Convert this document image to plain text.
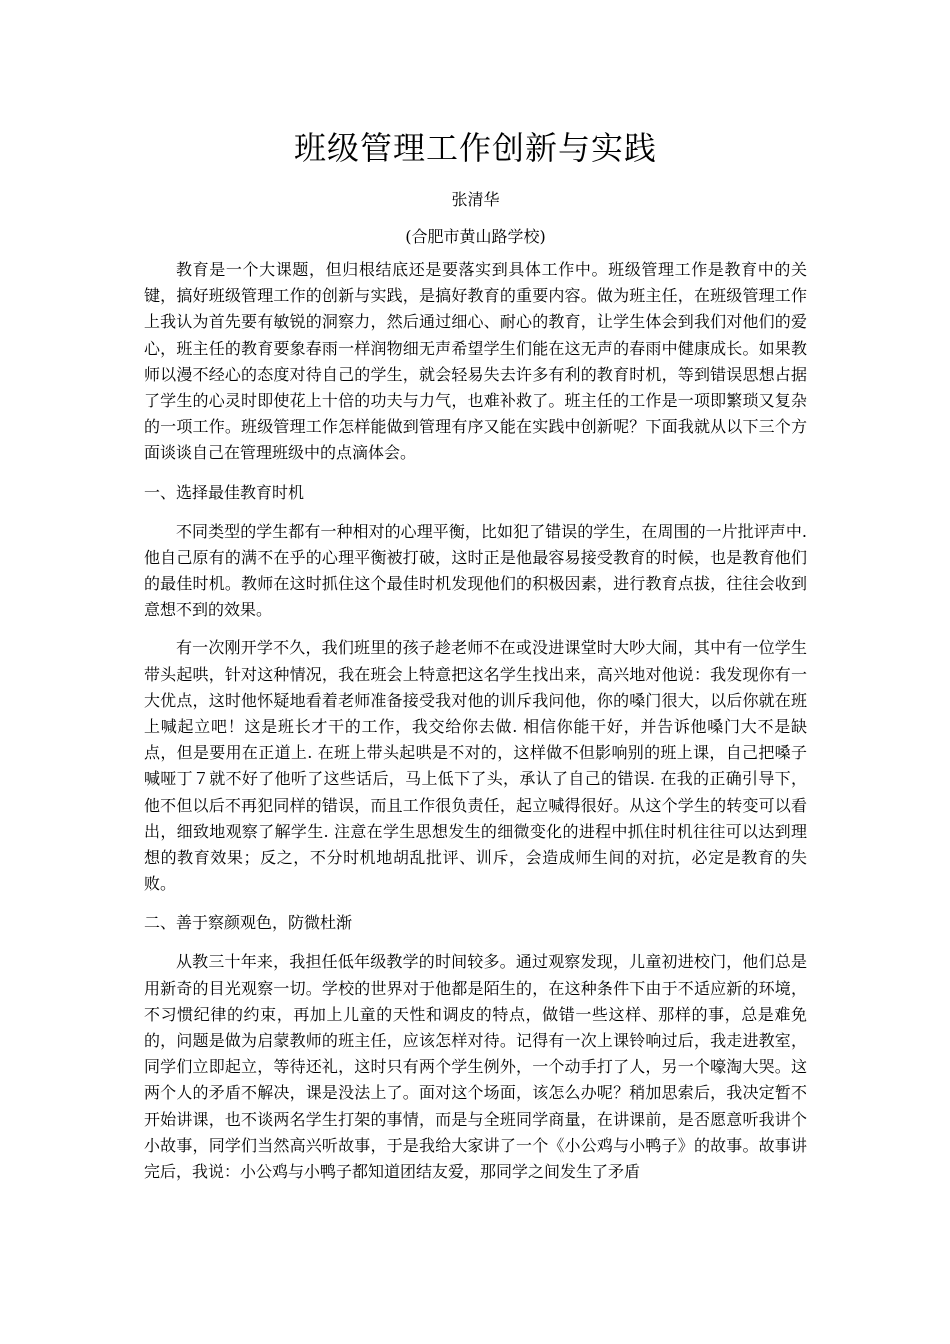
班级管理工作创新与实践
张清华
(合肥市黄山路学校)

教育是一个大课题，但归根结底还是要落实到具体工作中。班级管理工作是教育中的关键，搞好班级管理工作的创新与实践，是搞好教育的重要内容。做为班主任，在班级管理工作上我认为首先要有敏锐的洞察力，然后通过细心、耐心的教育，让学生体会到我们对他们的爱心，班主任的教育要象春雨一样润物细无声希望学生们能在这无声的春雨中健康成长。如果教师以漫不经心的态度对待自己的学生，就会轻易失去许多有利的教育时机，等到错误思想占据了学生的心灵时即使花上十倍的功夫与力气，也难补救了。班主任的工作是一项即繁琐又复杂的一项工作。班级管理工作怎样能做到管理有序又能在实践中创新呢？下面我就从以下三个方面谈谈自己在管理班级中的点滴体会。

一、选择最佳教育时机

不同类型的学生都有一种相对的心理平衡，比如犯了错误的学生，在周围的一片批评声中. 他自己原有的满不在乎的心理平衡被打破，这时正是他最容易接受教育的时候，也是教育他们的最佳时机。教师在这时抓住这个最佳时机发现他们的积极因素，进行教育点拔，往往会收到意想不到的效果。

有一次刚开学不久，我们班里的孩子趁老师不在或没进课堂时大吵大闹，其中有一位学生带头起哄，针对这种情况，我在班会上特意把这名学生找出来，高兴地对他说：我发现你有一大优点，这时他怀疑地看着老师准备接受我对他的训斥我问他，你的嗓门很大，以后你就在班上喊起立吧！这是班长才干的工作，我交给你去做. 相信你能干好，并告诉他嗓门大不是缺点，但是要用在正道上. 在班上带头起哄是不对的，这样做不但影响别的班上课，自己把嗓子喊哑丁７就不好了他听了这些话后，马上低下了头，承认了自己的错误. 在我的正确引导下，他不但以后不再犯同样的错误，而且工作很负责任，起立喊得很好。从这个学生的转变可以看出，细致地观察了解学生. 注意在学生思想发生的细微变化的进程中抓住时机往往可以达到理想的教育效果；反之，不分时机地胡乱批评、训斥，会造成师生间的对抗，必定是教育的失败。

二、善于察颜观色，防微杜渐

从教三十年来，我担任低年级教学的时间较多。通过观察发现，儿童初进校门，他们总是用新奇的目光观察一切。学校的世界对于他都是陌生的，在这种条件下由于不适应新的环境，不习惯纪律的约束，再加上儿童的天性和调皮的特点，做错一些这样、那样的事，总是难免的，问题是做为启蒙教师的班主任，应该怎样对待。记得有一次上课铃响过后，我走进教室，同学们立即起立，等待还礼，这时只有两个学生例外，一个动手打了人，另一个嚎淘大哭。这两个人的矛盾不解决，课是没法上了。面对这个场面，该怎么办呢？稍加思索后，我决定暂不开始讲课，也不谈两名学生打架的事情，而是与全班同学商量，在讲课前，是否愿意听我讲个小故事，同学们当然高兴听故事，于是我给大家讲了一个《小公鸡与小鸭子》的故事。故事讲完后，我说：小公鸡与小鸭子都知道团结友爱，那同学之间发生了矛盾
